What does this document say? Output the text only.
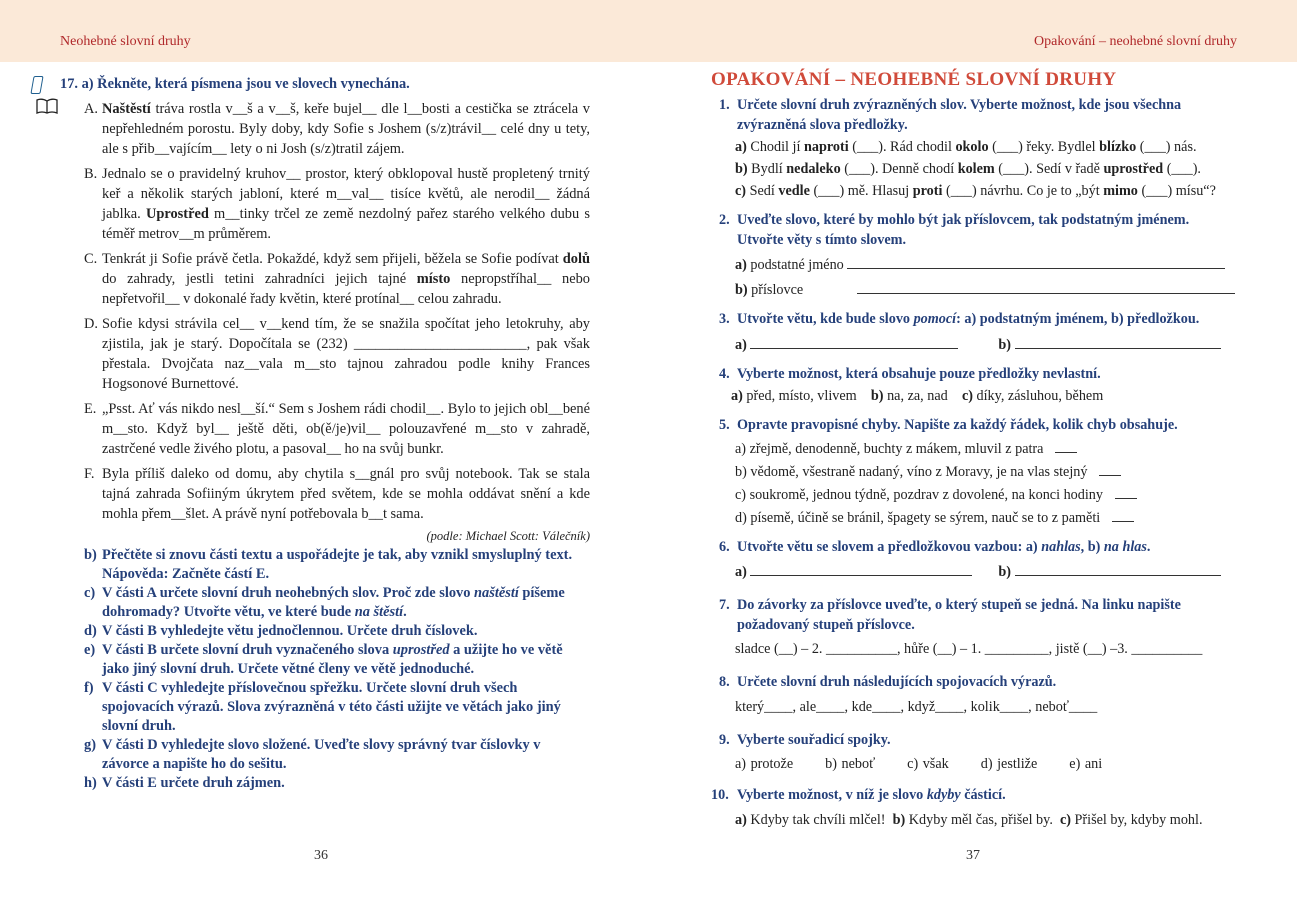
Neohebné slovní druhy	Opakování – neohebné slovní druhy
17. a) Řekněte, která písmena jsou ve slovech vynechána.
A. Naštěstí tráva rostla v__š a v__š, keře bujel__ dle l__bosti a cestička se ztrácela v nepřehledném porostu. Byly doby, kdy Sofie s Joshem (s/z)trávil__ celé dny u tety, ale s přib__vajícím__ lety o ni Josh (s/z)tratil zájem.
B. Jednalo se o pravidelný kruhov__ prostor, který obklopoval hustě propletený trnitý keř a několik starých jabloní, které m__val__ tisíce květů, ale nerodil__ žádná jablka. Uprostřed m__tinky trčel ze země nezdolný pařez starého velkého dubu s téměř metrov__m průměrem.
C. Tenkrát ji Sofie právě četla. Pokaždé, když sem přijeli, běžela se Sofie podívat dolů do zahrady, jestli tetini zahradníci jejich tajné místo nepropstříhal__ nebo nepřetvořil__ v dokonalé řady květin, které protínal__ celou zahradu.
D. Sofie kdysi strávila cel__ v__kend tím, že se snažila spočítat jeho letokruhy, aby zjistila, jak je starý. Dopočítala se (232) ________________________, pak však přestala. Dvojčata naz__vala m__sto tajnou zahradou podle knihy Frances Hogsonové Burnettové.
E. „Psst. Ať vás nikdo nesl__ší.“ Sem s Joshem rádi chodil__. Bylo to jejich obl__bené m__sto. Když byl__ ještě děti, ob(ě/je)vil__ polouzavřené m__sto v zahradě, zastrčené vedle živého plotu, a pasoval__ ho na svůj bunkr.
F. Byla příliš daleko od domu, aby chytila s__gnál pro svůj notebook. Tak se stala tajná zahrada Sofiiným úkrytem před světem, kde se mohla oddávat snění a kde mohla přem__šlet. A právě nyní potřebovala b__t sama.
(podle: Michael Scott: Válečník)
b) Přečtěte si znovu části textu a uspořádejte je tak, aby vznikl smysluplný text. Nápověda: Začněte částí E.
c) V části A určete slovní druh neohebných slov. Proč zde slovo naštěstí píšeme dohromady? Utvořte větu, ve které bude na štěstí.
d) V části B vyhledejte větu jednočlennou. Určete druh číslovek.
e) V části B určete slovní druh vyznačeného slova uprostřed a užijte ho ve větě jako jiný slovní druh. Určete větné členy ve větě jednoduché.
f) V části C vyhledejte příslovečnou spřežku. Určete slovní druh všech spojovacích výrazů. Slova zvýrazněná v této části užijte ve větách jako jiný slovní druh.
g) V části D vyhledejte slovo složené. Uveďte slovy správný tvar číslovky v závorce a napište ho do sešitu.
h) V části E určete druh zájmen.
36
OPAKOVÁNÍ – NEOHEBNÉ SLOVNÍ DRUHY
1. Určete slovní druh zvýrazněných slov. Vyberte možnost, kde jsou všechna zvýrazněná slova předložky.
a) Chodil jí naproti (___). Rád chodil okolo (___) řeky. Bydlel blízko (___) nás.
b) Bydlí nedaleko (___). Denně chodí kolem (___). Sedí v řadě uprostřed (___).
c) Sedí vedle (___) mě. Hlasuj proti (___) návrhu. Co je to „být mimo (___) mísu“?
2. Uveďte slovo, které by mohlo být jak příslovcem, tak podstatným jménem. Utvořte věty s tímto slovem.
a) podstatné jméno
b) příslovce
3. Utvořte větu, kde bude slovo pomocí: a) podstatným jménem, b) předložkou.
a)	b)
4. Vyberte možnost, která obsahuje pouze předložky nevlastní.
a) před, místo, vlivem b) na, za, nad c) díky, zásluhou, během
5. Opravte pravopisné chyby. Napište za každý řádek, kolik chyb obsahuje.
a) zřejmě, denodenně, buchty z mákem, mluvil z patra
b) vědomě, všestraně nadaný, víno z Moravy, je na vlas stejný
c) soukromě, jednou týdně, pozdrav z dovolené, na konci hodiny
d) písemě, účině se bránil, špagety se sýrem, nauč se to z paměti
6. Utvořte větu se slovem a předložkovou vazbou: a) nahlas, b) na hlas.
a)	b)
7. Do závorky za příslovce uveďte, o který stupeň se jedná. Na linku napište požadovaný stupeň příslovce.
sladce (__) – 2. __________, hůře (__) – 1. _________, jistě (__) –3. __________
8. Určete slovní druh následujících spojovacích výrazů.
který____, ale____, kde____, když____, kolik____, neboť____
9. Vyberte souřadicí spojky.
a) protože b) neboť c) však d) jestliže e) ani
10. Vyberte možnost, v níž je slovo kdyby částicí.
a) Kdyby tak chvíli mlčel! b) Kdyby měl čas, přišel by. c) Přišel by, kdyby mohl.
37
